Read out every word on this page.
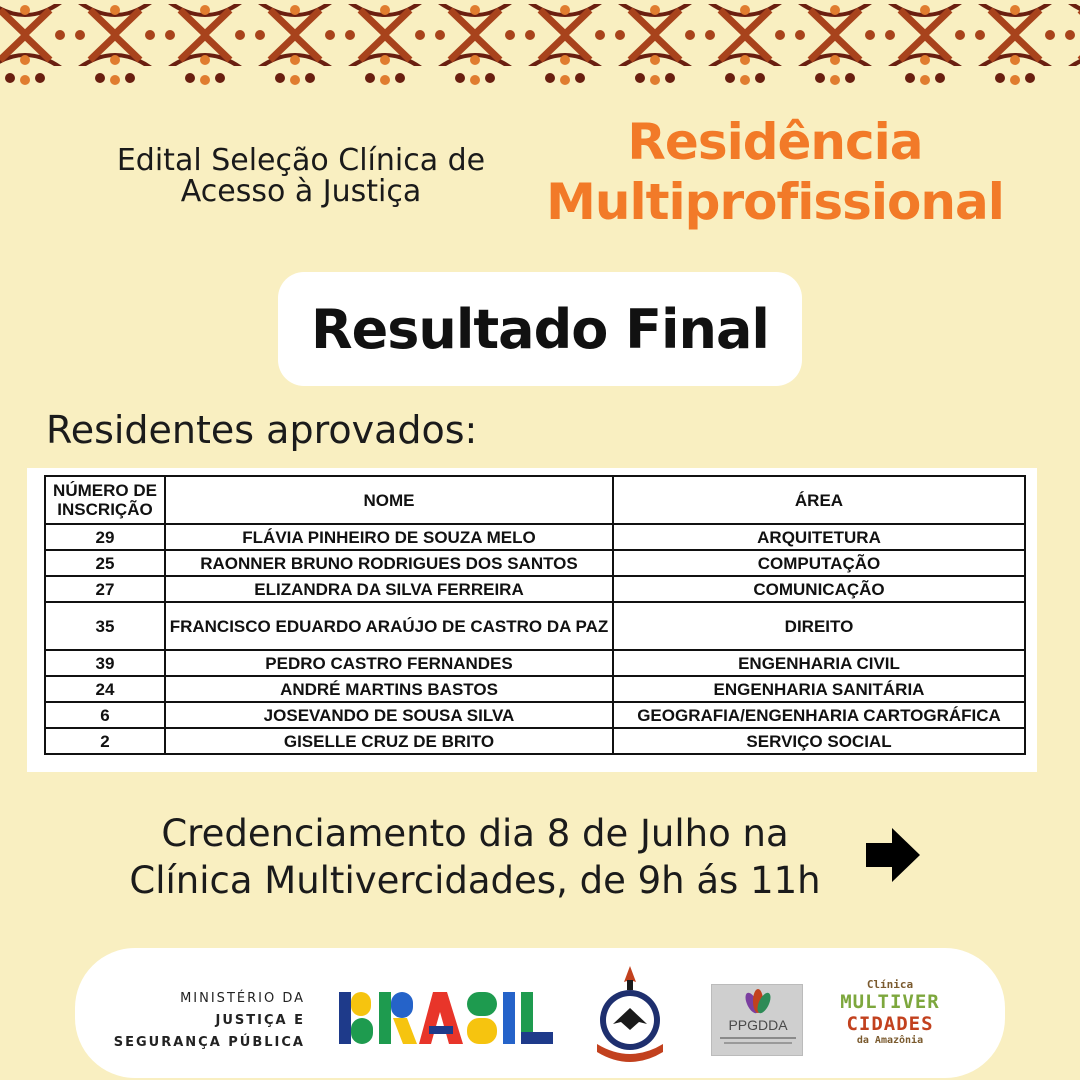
Edital Seleção Clínica de
Acesso à Justiça
Residência
Multiprofissional
Resultado Final
Residentes aprovados:
NÚMERO DE INSCRIÇÃO	NOME	ÁREA
29	FLÁVIA PINHEIRO DE SOUZA MELO	ARQUITETURA
25	RAONNER BRUNO RODRIGUES DOS SANTOS	COMPUTAÇÃO
27	ELIZANDRA DA SILVA FERREIRA	COMUNICAÇÃO
35	FRANCISCO EDUARDO ARAÚJO DE CASTRO DA PAZ	DIREITO
39	PEDRO CASTRO FERNANDES	ENGENHARIA CIVIL
24	ANDRÉ MARTINS BASTOS	ENGENHARIA SANITÁRIA
6	JOSEVANDO DE SOUSA SILVA	GEOGRAFIA/ENGENHARIA CARTOGRÁFICA
2	GISELLE CRUZ DE BRITO	SERVIÇO SOCIAL
Credenciamento dia 8 de Julho na
Clínica Multivercidades, de 9h ás 11h
MINISTÉRIO DA
JUSTIÇA E
SEGURANÇA PÚBLICA
PPGDDA
Clínica
MULTIVER
CIDADES
da Amazônia
